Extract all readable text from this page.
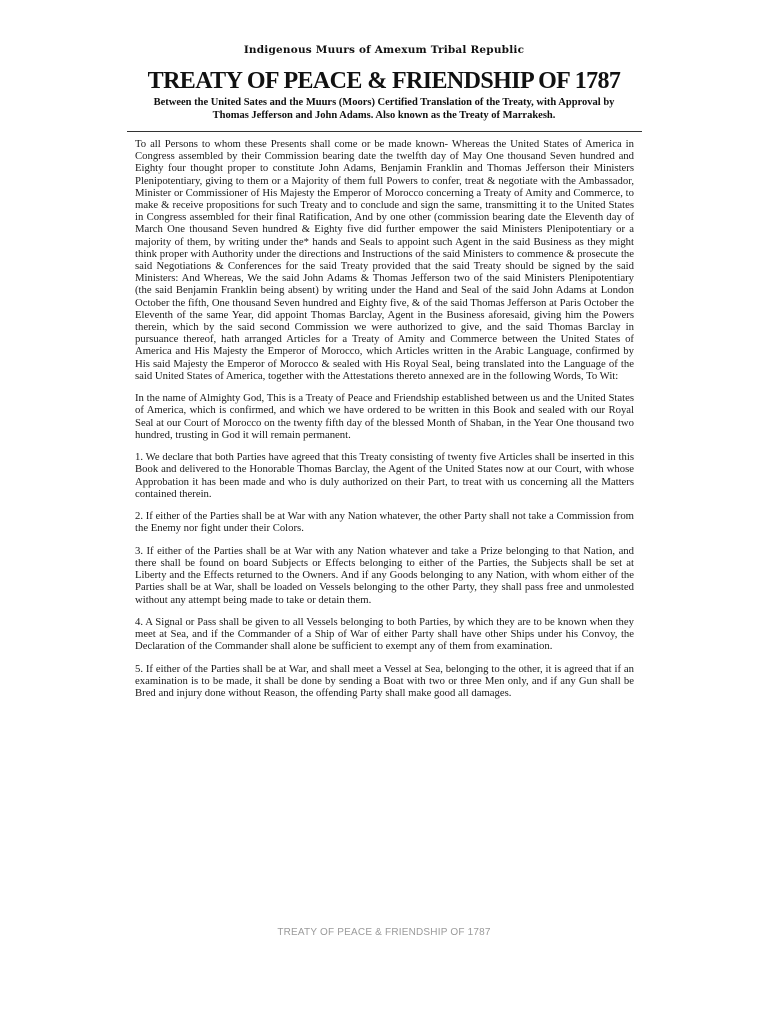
Indigenous Muurs of Amexum Tribal Republic
TREATY OF PEACE & FRIENDSHIP OF 1787
Between the United Sates and the Muurs (Moors) Certified Translation of the Treaty, with Approval by Thomas Jefferson and John Adams. Also known as the Treaty of Marrakesh.

To all Persons to whom these Presents shall come or be made known- Whereas the United States of America in Congress assembled by their Commission bearing date the twelfth day of May One thousand Seven hundred and Eighty four thought proper to constitute John Adams, Benjamin Franklin and Thomas Jefferson their Ministers Plenipotentiary, giving to them or a Majority of them full Powers to confer, treat & negotiate with the Ambassador, Minister or Commissioner of His Majesty the Emperor of Morocco concerning a Treaty of Amity and Commerce, to make & receive propositions for such Treaty and to conclude and sign the same, transmitting it to the United States in Congress assembled for their final Ratification, And by one other (commission bearing date the Eleventh day of March One thousand Seven hundred & Eighty five did further empower the said Ministers Plenipotentiary or a majority of them, by writing under the* hands and Seals to appoint such Agent in the said Business as they might think proper with Authority under the directions and Instructions of the said Ministers to commence & prosecute the said Negotiations & Conferences for the said Treaty provided that the said Treaty should be signed by the said Ministers: And Whereas, We the said John Adams & Thomas Jefferson two of the said Ministers Plenipotentiary (the said Benjamin Franklin being absent) by writing under the Hand and Seal of the said John Adams at London October the fifth, One thousand Seven hundred and Eighty five, & of the said Thomas Jefferson at Paris October the Eleventh of the same Year, did appoint Thomas Barclay, Agent in the Business aforesaid, giving him the Powers therein, which by the said second Commission we were authorized to give, and the said Thomas Barclay in pursuance thereof, hath arranged Articles for a Treaty of Amity and Commerce between the United States of America and His Majesty the Emperor of Morocco, which Articles written in the Arabic Language, confirmed by His said Majesty the Emperor of Morocco & sealed with His Royal Seal, being translated into the Language of the said United States of America, together with the Attestations thereto annexed are in the following Words, To Wit:

In the name of Almighty God, This is a Treaty of Peace and Friendship established between us and the United States of America, which is confirmed, and which we have ordered to be written in this Book and sealed with our Royal Seal at our Court of Morocco on the twenty fifth day of the blessed Month of Shaban, in the Year One thousand two hundred, trusting in God it will remain permanent.

1. We declare that both Parties have agreed that this Treaty consisting of twenty five Articles shall be inserted in this Book and delivered to the Honorable Thomas Barclay, the Agent of the United States now at our Court, with whose Approbation it has been made and who is duly authorized on their Part, to treat with us concerning all the Matters contained therein.

2. If either of the Parties shall be at War with any Nation whatever, the other Party shall not take a Commission from the Enemy nor fight under their Colors.

3. If either of the Parties shall be at War with any Nation whatever and take a Prize belonging to that Nation, and there shall be found on board Subjects or Effects belonging to either of the Parties, the Subjects shall be set at Liberty and the Effects returned to the Owners. And if any Goods belonging to any Nation, with whom either of the Parties shall be at War, shall be loaded on Vessels belonging to the other Party, they shall pass free and unmolested without any attempt being made to take or detain them.

4. A Signal or Pass shall be given to all Vessels belonging to both Parties, by which they are to be known when they meet at Sea, and if the Commander of a Ship of War of either Party shall have other Ships under his Convoy, the Declaration of the Commander shall alone be sufficient to exempt any of them from examination.

5. If either of the Parties shall be at War, and shall meet a Vessel at Sea, belonging to the other, it is agreed that if an examination is to be made, it shall be done by sending a Boat with two or three Men only, and if any Gun shall be Bred and injury done without Reason, the offending Party shall make good all damages.

TREATY OF PEACE & FRIENDSHIP OF 1787
